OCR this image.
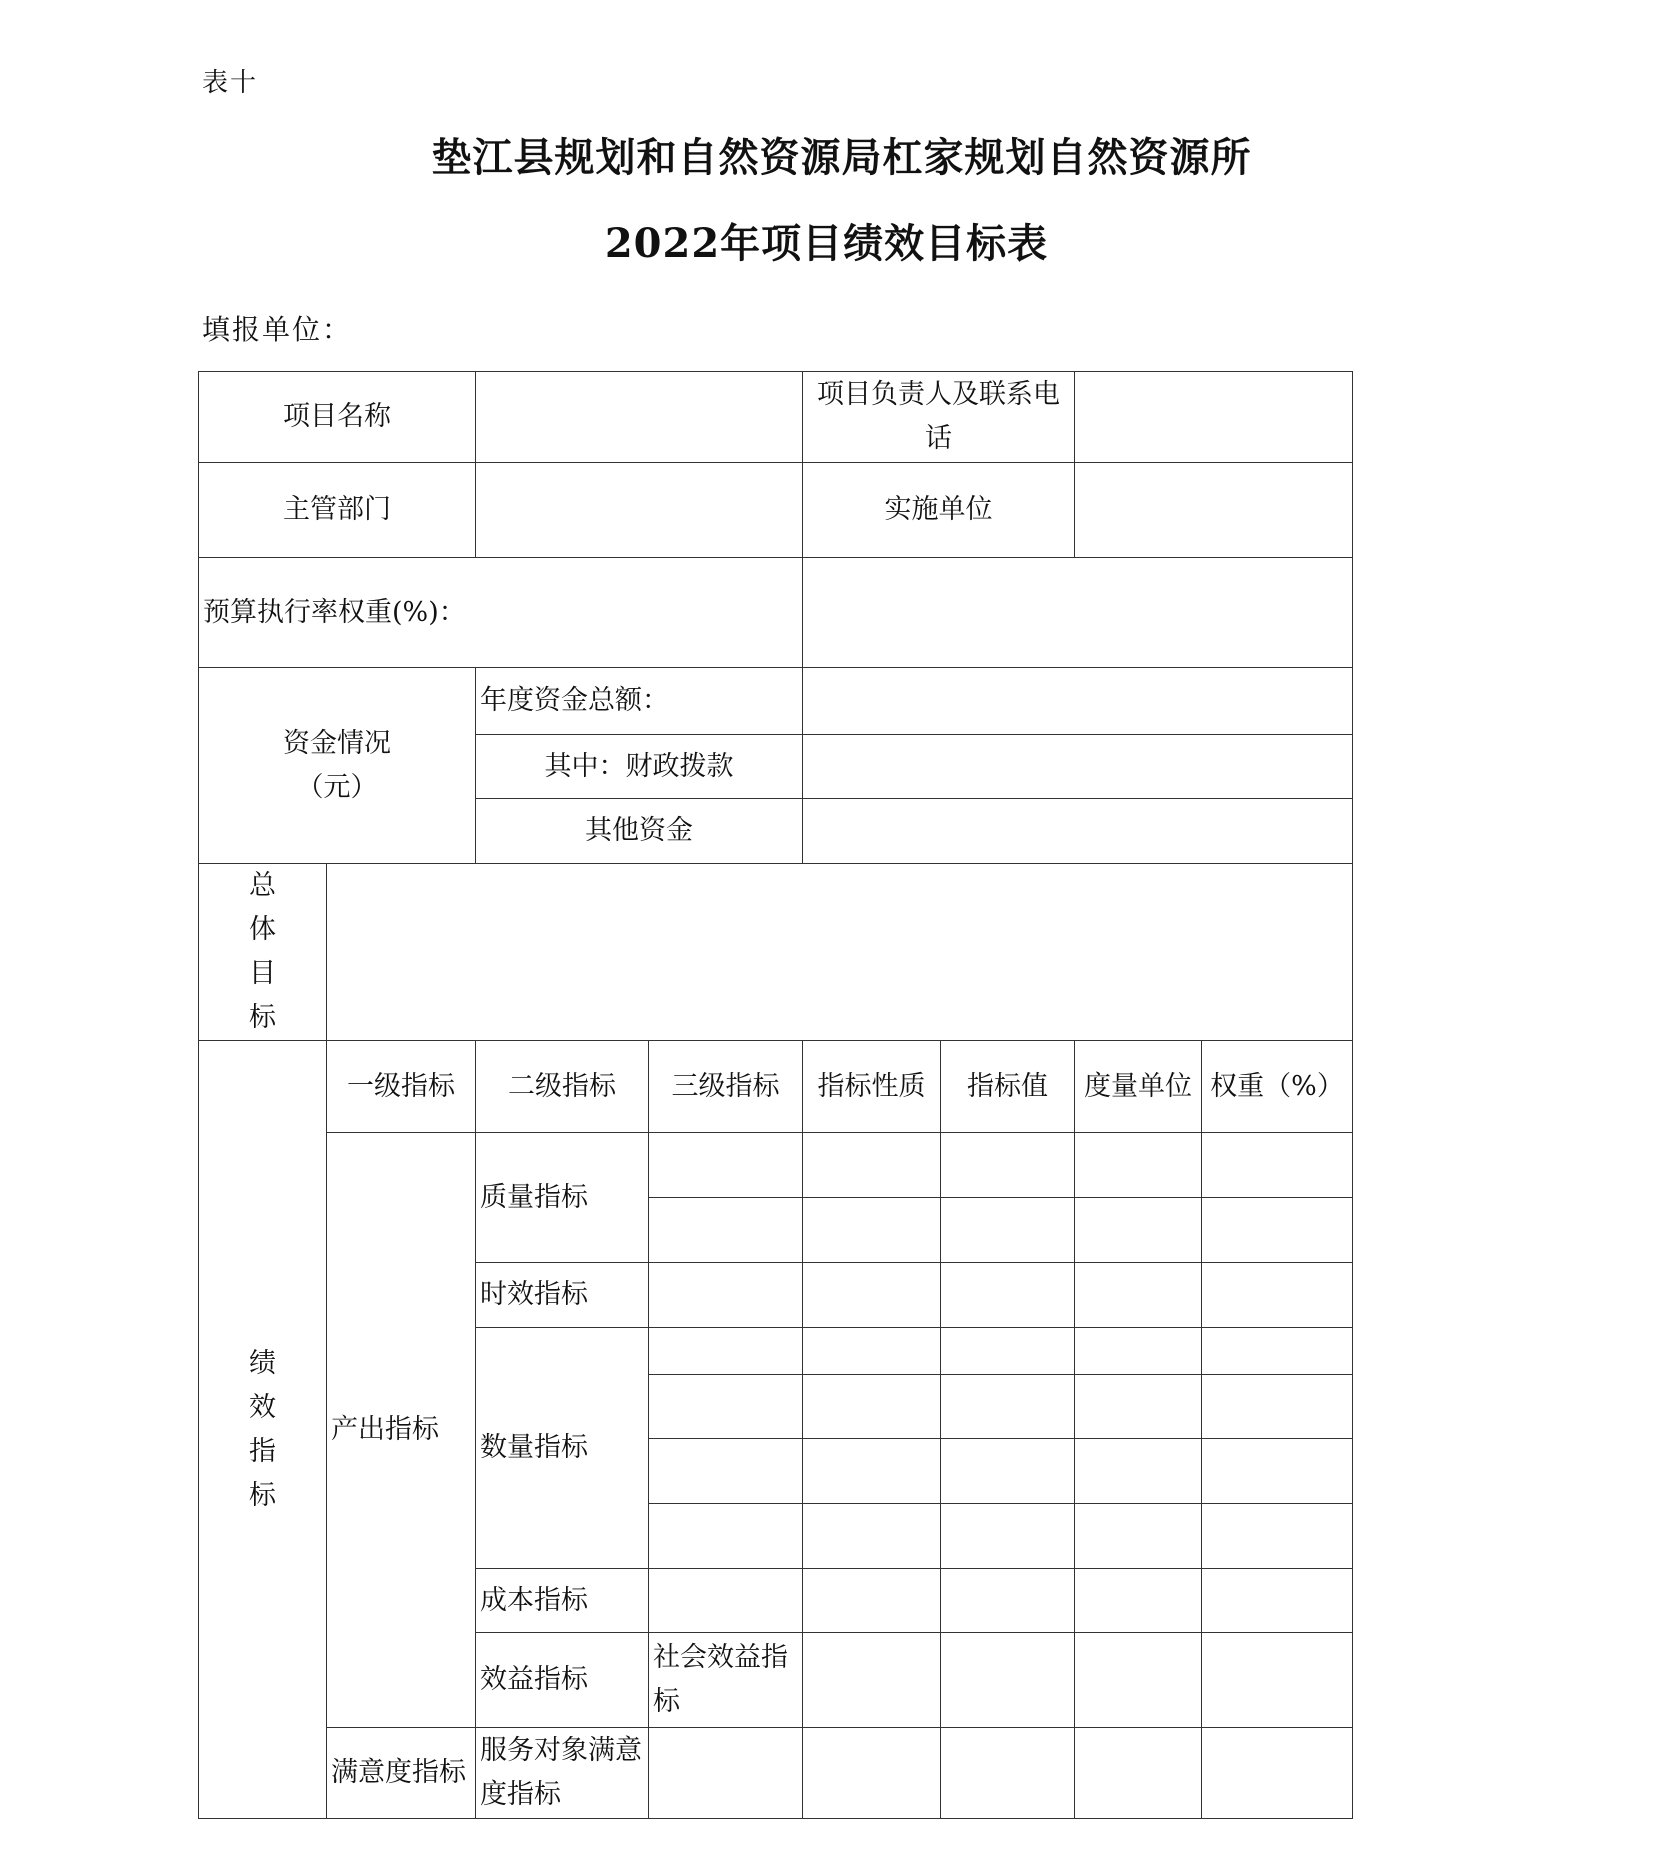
表十
垫江县规划和自然资源局杠家规划自然资源所
2022年项目绩效目标表
填报单位：
项目名称				项目负责人及联系电话				
主管部门				实施单位				
预算执行率权重(%)：								
资金情况（元）		年度资金总额：						
		其中：财政拨款						
		其他资金						
总体目标								
绩效指标	一级指标	二级指标	三级指标	指标性质	指标值	度量单位	权重（%）	
	产出指标	质量指标						

		时效指标						
		数量指标						

		成本指标						
		效益指标	社会效益指标					
	满意度指标	服务对象满意度指标						
